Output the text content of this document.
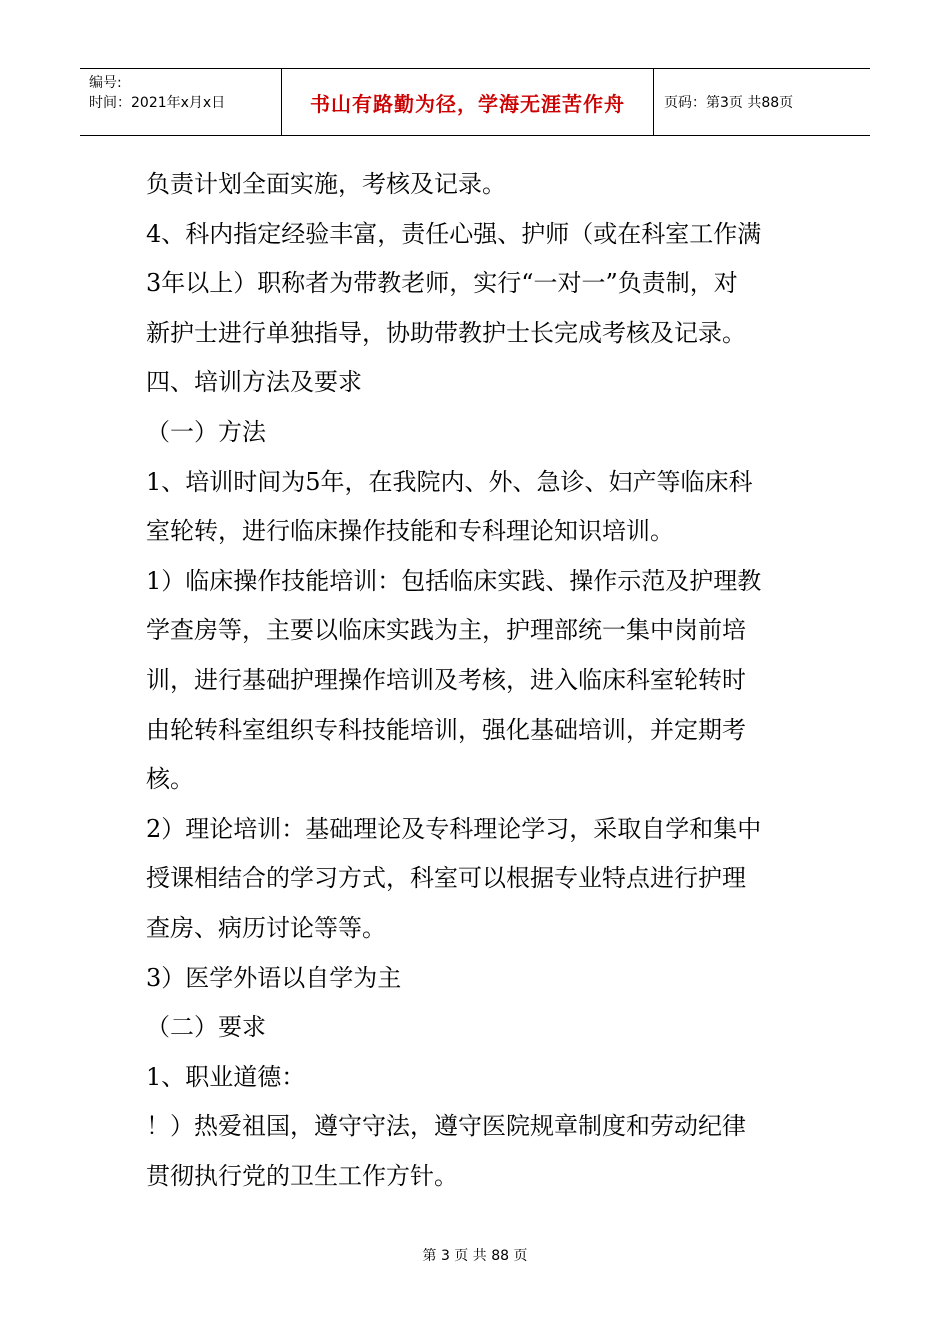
编号:
时间：2021年x月x日	书山有路勤为径，学海无涯苦作舟	页码：第3页 共88页

负责计划全面实施，考核及记录。

4、科内指定经验丰富，责任心强、护师（或在科室工作满

3年以上）职称者为带教老师，实行“一对一”负责制，对

新护士进行单独指导，协助带教护士长完成考核及记录。

四、培训方法及要求

（一）方法

1、培训时间为5年，在我院内、外、急诊、妇产等临床科

室轮转，进行临床操作技能和专科理论知识培训。

1）临床操作技能培训：包括临床实践、操作示范及护理教

学查房等，主要以临床实践为主，护理部统一集中岗前培

训，进行基础护理操作培训及考核，进入临床科室轮转时

由轮转科室组织专科技能培训，强化基础培训，并定期考

核。

2）理论培训：基础理论及专科理论学习，采取自学和集中

授课相结合的学习方式，科室可以根据专业特点进行护理

查房、病历讨论等等。

3）医学外语以自学为主

（二）要求

1、职业道德：

！）热爱祖国，遵守守法，遵守医院规章制度和劳动纪律

贯彻执行党的卫生工作方针。

第 3 页 共 88 页
